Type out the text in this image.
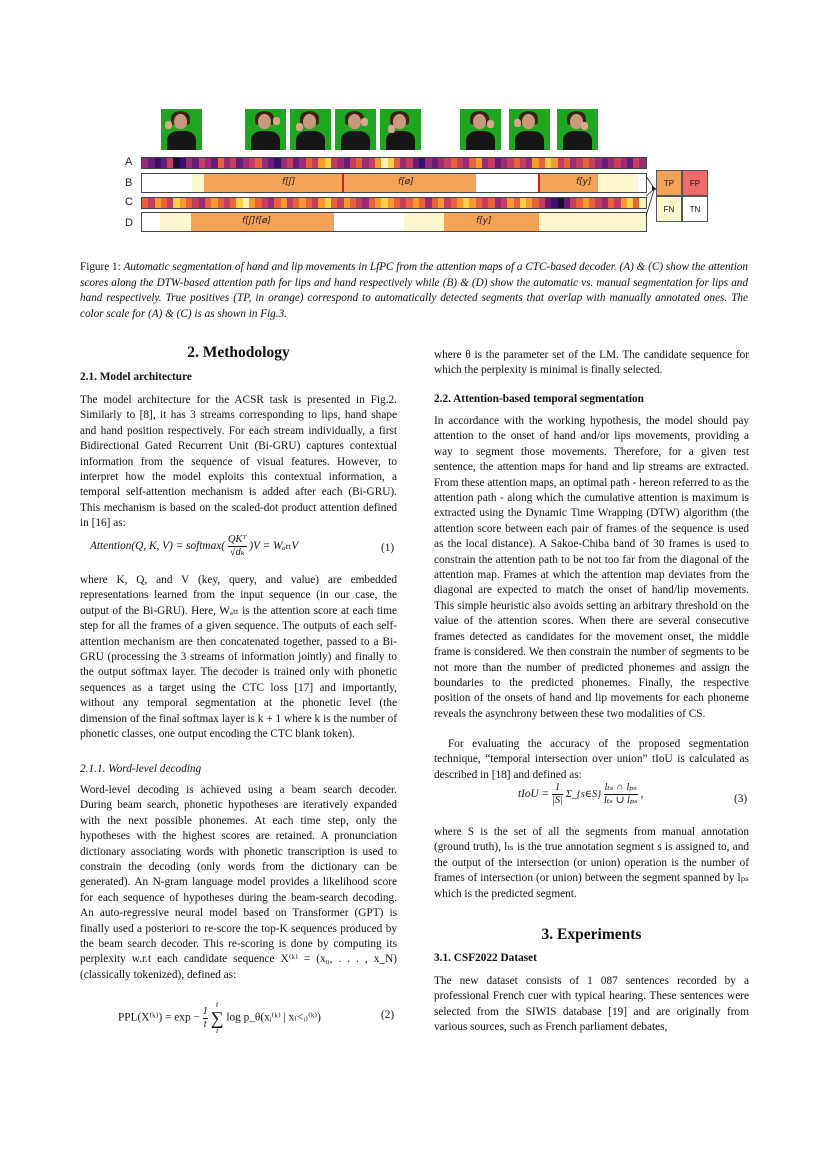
A
B
C
D
f[ʃ]	f[ø]	f[y]
f[ʃ]f[ø]	f[y]
TP	FP
FN	TN
Figure 1: Automatic segmentation of hand and lip movements in LfPC from the attention maps of a CTC-based decoder. (A) & (C) show the attention scores along the DTW-based attention path for lips and hand respectively while (B) & (D) show the automatic vs. manual segmentation for lips and hand respectively. True positives (TP, in orange) correspond to automatically detected segments that overlap with manually annotated ones. The color scale for (A) & (C) is as shown in Fig.3.
2. Methodology
2.1. Model architecture
The model architecture for the ACSR task is presented in Fig.2. Similarly to [8], it has 3 streams corresponding to lips, hand shape and hand position respectively. For each stream individually, a first Bidirectional Gated Recurrent Unit (Bi-GRU) captures contextual information from the sequence of visual features. However, to interpret how the model exploits this contextual information, a temporal self-attention mechanism is added after each (Bi-GRU). This mechanism is based on the scaled-dot product attention defined in [16] as:
Attention(Q, K, V) = softmax(
QKᵀ
√dₖ
)V = WₐₜₜV	(1)
where K, Q, and V (key, query, and value) are embedded representations learned from the input sequence (in our case, the output of the Bi-GRU). Here, Wₐₜₜ is the attention score at each time step for all the frames of a given sequence. The outputs of each self-attention mechanism are then concatenated together, passed to a Bi-GRU (processing the 3 streams of information jointly) and finally to the output softmax layer. The decoder is trained only with phonetic sequences as a target using the CTC loss [17] and importantly, without any temporal segmentation at the phonetic level (the dimension of the final softmax layer is k + 1 where k is the number of phonetic classes, one output encoding the CTC blank token).
2.1.1. Word-level decoding
Word-level decoding is achieved using a beam search decoder. During beam search, phonetic hypotheses are iteratively expanded with the next possible phonemes. At each time step, only the hypotheses with the highest scores are retained. A pronunciation dictionary associating words with phonetic transcription is used to constrain the decoding (only words from the dictionary can be generated). An N-gram language model provides a likelihood score for each sequence of hypotheses during the beam-search decoding. An auto-regressive neural model based on Transformer (GPT) is finally used a posteriori to re-score the top-K sequences produced by the beam search decoder. This re-scoring is done by computing its perplexity w.r.t each candidate sequence X⁽ᵏ⁾ = (x₀, . . . , x_N) (classically tokenized), defined as:
PPL(X⁽ᵏ⁾) = $\exp - \frac{1}{t}$

t
∑
i
log p_θ(xᵢ⁽ᵏ⁾ | x₍<ᵢ₎⁽ᵏ⁾)	(2)
where θ is the parameter set of the LM. The candidate sequence for which the perplexity is minimal is finally selected.
2.2. Attention-based temporal segmentation
In accordance with the working hypothesis, the model should pay attention to the onset of hand and/or lips movements, providing a way to segment those movements. Therefore, for a given test sentence, the attention maps for hand and lip streams are extracted. From these attention maps, an optimal path - hereon referred to as the attention path - along which the cumulative attention is maximum is extracted using the Dynamic Time Wrapping (DTW) algorithm (the attention score between each pair of frames of the sequence is used as the local distance). A Sakoe-Chiba band of 30 frames is used to constrain the attention path to be not too far from the diagonal of the attention map. Frames at which the attention map deviates from the diagonal are expected to match the onset of hand/lip movements. This simple heuristic also avoids setting an arbitrary threshold on the value of the attention scores. When there are several consecutive frames detected as candidates for the movement onset, the middle frame is considered. We then constrain the number of segments to be not more than the number of predicted phonemes and assign the boundaries to the predicted phonemes. Finally, the respective position of the onsets of hand and lip movements for each phoneme reveals the asynchrony between these two modalities of CS.
For evaluating the accuracy of the proposed segmentation technique, “temporal intersection over union” tIoU is calculated as described in [18] and defined as:
tIoU = $\frac{1}{|S|}$ Σ_{s∈S}
lₜₛ ∩ lₚₛ
lₜₛ ∪ lₚₛ
,	(3)
where S is the set of all the segments from manual annotation (ground truth), lₜₛ is the true annotation segment s is assigned to, and the output of the intersection (or union) operation is the number of frames of intersection (or union) between the segment spanned by lₚₛ which is the predicted segment.
3. Experiments
3.1. CSF2022 Dataset
The new dataset consists of 1 087 sentences recorded by a professional French cuer with typical hearing. These sentences were selected from the SIWIS database [19] and are originally from various sources, such as French parliament debates,
